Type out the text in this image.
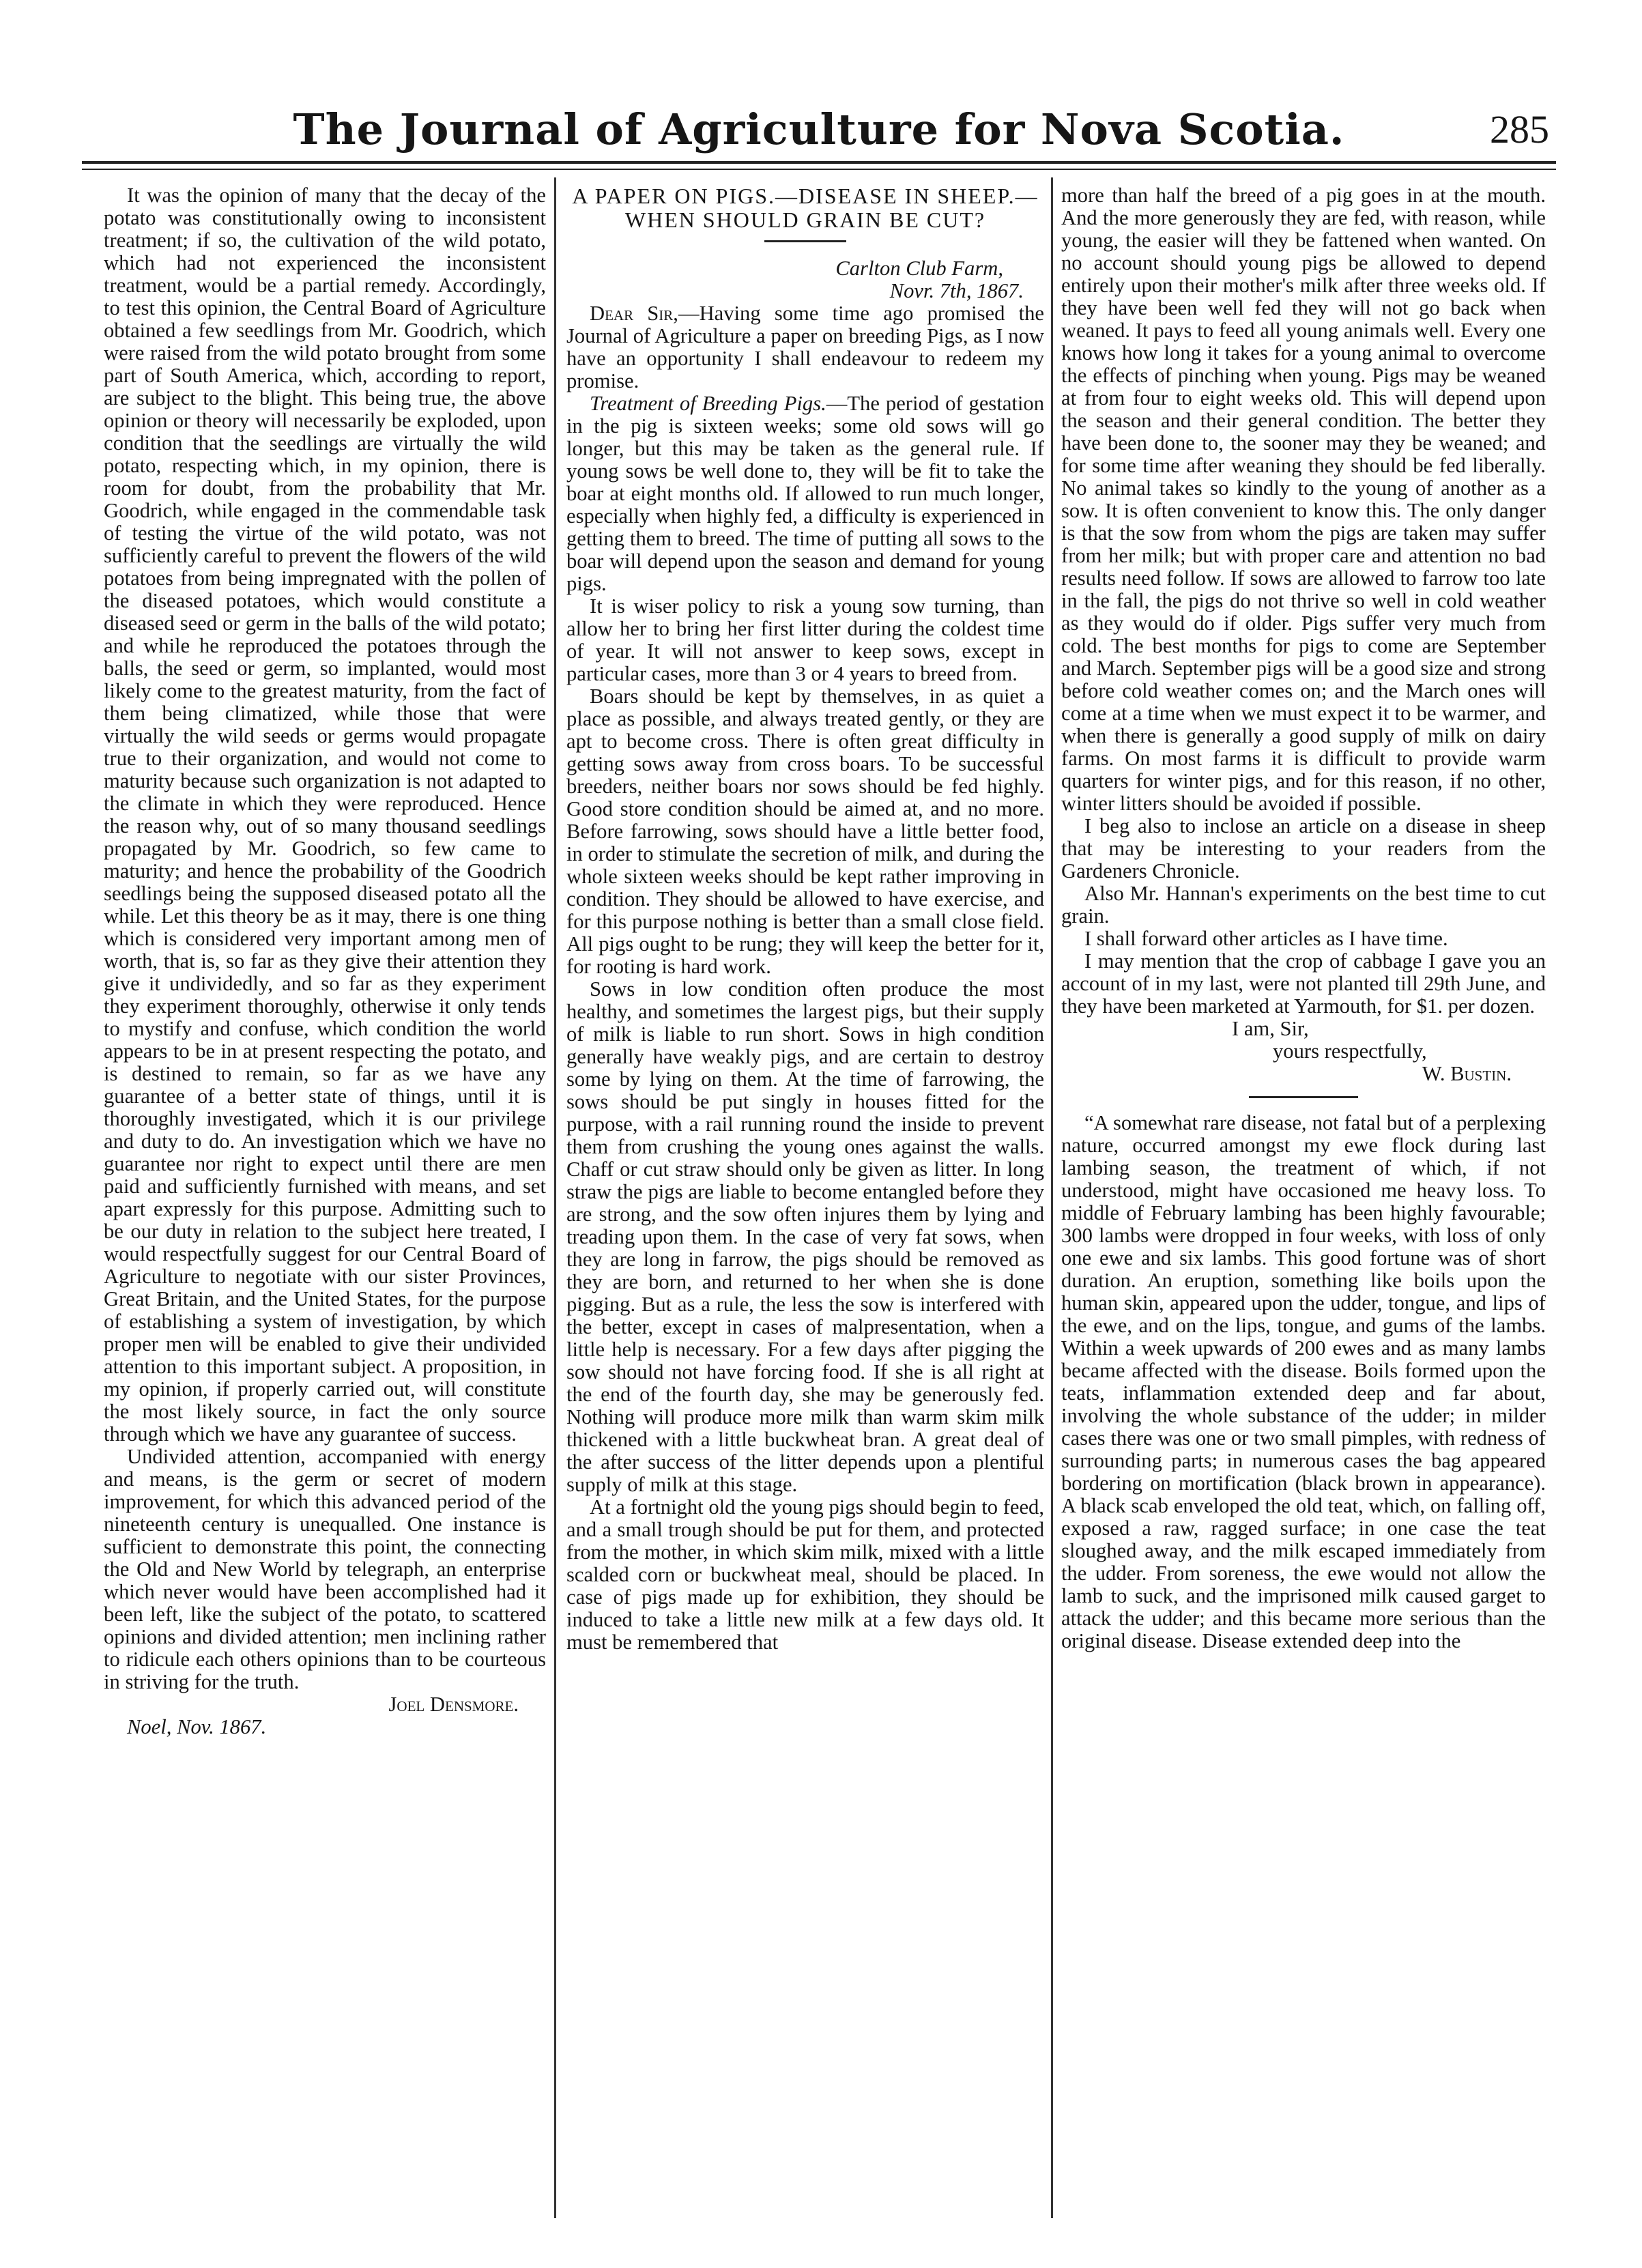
The Journal of Agriculture for Nova Scotia.	285

It was the opinion of many that the decay of the potato was constitutionally owing to inconsistent treatment; if so, the cultivation of the wild potato, which had not experienced the inconsistent treatment, would be a partial remedy. Accordingly, to test this opinion, the Central Board of Agriculture obtained a few seedlings from Mr. Goodrich, which were raised from the wild potato brought from some part of South America, which, according to report, are subject to the blight. This being true, the above opinion or theory will necessarily be exploded, upon condition that the seedlings are virtually the wild potato, respecting which, in my opinion, there is room for doubt, from the probability that Mr. Goodrich, while engaged in the commendable task of testing the virtue of the wild potato, was not sufficiently careful to prevent the flowers of the wild potatoes from being impregnated with the pollen of the diseased potatoes, which would constitute a diseased seed or germ in the balls of the wild potato; and while he reproduced the potatoes through the balls, the seed or germ, so implanted, would most likely come to the greatest maturity, from the fact of them being climatized, while those that were virtually the wild seeds or germs would propagate true to their organization, and would not come to maturity because such organization is not adapted to the climate in which they were reproduced. Hence the reason why, out of so many thousand seedlings propagated by Mr. Goodrich, so few came to maturity; and hence the probability of the Goodrich seedlings being the supposed diseased potato all the while. Let this theory be as it may, there is one thing which is considered very important among men of worth, that is, so far as they give their attention they give it undividedly, and so far as they experiment they experiment thoroughly, otherwise it only tends to mystify and confuse, which condition the world appears to be in at present respecting the potato, and is destined to remain, so far as we have any guarantee of a better state of things, until it is thoroughly investigated, which it is our privilege and duty to do. An investigation which we have no guarantee nor right to expect until there are men paid and sufficiently furnished with means, and set apart expressly for this purpose. Admitting such to be our duty in relation to the subject here treated, I would respectfully suggest for our Central Board of Agriculture to negotiate with our sister Provinces, Great Britain, and the United States, for the purpose of establishing a system of investigation, by which proper men will be enabled to give their undivided attention to this important subject. A proposition, in my opinion, if properly carried out, will constitute the most likely source, in fact the only source through which we have any guarantee of success.

Undivided attention, accompanied with energy and means, is the germ or secret of modern improvement, for which this advanced period of the nineteenth century is unequalled. One instance is sufficient to demonstrate this point, the connecting the Old and New World by telegraph, an enterprise which never would have been accomplished had it been left, like the subject of the potato, to scattered opinions and divided attention; men inclining rather to ridicule each others opinions than to be courteous in striving for the truth.

Joel Densmore.

Noel, Nov. 1867.

A PAPER ON PIGS.—DISEASE IN SHEEP.—WHEN SHOULD GRAIN BE CUT?

Carlton Club Farm,

Novr. 7th, 1867.

Dear Sir,—Having some time ago promised the Journal of Agriculture a paper on breeding Pigs, as I now have an opportunity I shall endeavour to redeem my promise.

Treatment of Breeding Pigs.—The period of gestation in the pig is sixteen weeks; some old sows will go longer, but this may be taken as the general rule. If young sows be well done to, they will be fit to take the boar at eight months old. If allowed to run much longer, especially when highly fed, a difficulty is experienced in getting them to breed. The time of putting all sows to the boar will depend upon the season and demand for young pigs.

It is wiser policy to risk a young sow turning, than allow her to bring her first litter during the coldest time of year. It will not answer to keep sows, except in particular cases, more than 3 or 4 years to breed from.

Boars should be kept by themselves, in as quiet a place as possible, and always treated gently, or they are apt to become cross. There is often great difficulty in getting sows away from cross boars. To be successful breeders, neither boars nor sows should be fed highly. Good store condition should be aimed at, and no more. Before farrowing, sows should have a little better food, in order to stimulate the secretion of milk, and during the whole sixteen weeks should be kept rather improving in condition. They should be allowed to have exercise, and for this purpose nothing is better than a small close field. All pigs ought to be rung; they will keep the better for it, for rooting is hard work.

Sows in low condition often produce the most healthy, and sometimes the largest pigs, but their supply of milk is liable to run short. Sows in high condition generally have weakly pigs, and are certain to destroy some by lying on them. At the time of farrowing, the sows should be put singly in houses fitted for the purpose, with a rail running round the inside to prevent them from crushing the young ones against the walls. Chaff or cut straw should only be given as litter. In long straw the pigs are liable to become entangled before they are strong, and the sow often injures them by lying and treading upon them. In the case of very fat sows, when they are long in farrow, the pigs should be removed as they are born, and returned to her when she is done pigging. But as a rule, the less the sow is interfered with the better, except in cases of malpresentation, when a little help is necessary. For a few days after pigging the sow should not have forcing food. If she is all right at the end of the fourth day, she may be generously fed. Nothing will produce more milk than warm skim milk thickened with a little buckwheat bran. A great deal of the after success of the litter depends upon a plentiful supply of milk at this stage.

At a fortnight old the young pigs should begin to feed, and a small trough should be put for them, and protected from the mother, in which skim milk, mixed with a little scalded corn or buckwheat meal, should be placed. In case of pigs made up for exhibition, they should be induced to take a little new milk at a few days old. It must be remembered that

more than half the breed of a pig goes in at the mouth. And the more generously they are fed, with reason, while young, the easier will they be fattened when wanted. On no account should young pigs be allowed to depend entirely upon their mother's milk after three weeks old. If they have been well fed they will not go back when weaned. It pays to feed all young animals well. Every one knows how long it takes for a young animal to overcome the effects of pinching when young. Pigs may be weaned at from four to eight weeks old. This will depend upon the season and their general condition. The better they have been done to, the sooner may they be weaned; and for some time after weaning they should be fed liberally. No animal takes so kindly to the young of another as a sow. It is often convenient to know this. The only danger is that the sow from whom the pigs are taken may suffer from her milk; but with proper care and attention no bad results need follow. If sows are allowed to farrow too late in the fall, the pigs do not thrive so well in cold weather as they would do if older. Pigs suffer very much from cold. The best months for pigs to come are September and March. September pigs will be a good size and strong before cold weather comes on; and the March ones will come at a time when we must expect it to be warmer, and when there is generally a good supply of milk on dairy farms. On most farms it is difficult to provide warm quarters for winter pigs, and for this reason, if no other, winter litters should be avoided if possible.

I beg also to inclose an article on a disease in sheep that may be interesting to your readers from the Gardeners Chronicle.

Also Mr. Hannan's experiments on the best time to cut grain.

I shall forward other articles as I have time.

I may mention that the crop of cabbage I gave you an account of in my last, were not planted till 29th June, and they have been marketed at Yarmouth, for $1. per dozen.

I am, Sir,

yours respectfully,

W. Bustin.

“A somewhat rare disease, not fatal but of a perplexing nature, occurred amongst my ewe flock during last lambing season, the treatment of which, if not understood, might have occasioned me heavy loss. To middle of February lambing has been highly favourable; 300 lambs were dropped in four weeks, with loss of only one ewe and six lambs. This good fortune was of short duration. An eruption, something like boils upon the human skin, appeared upon the udder, tongue, and lips of the ewe, and on the lips, tongue, and gums of the lambs. Within a week upwards of 200 ewes and as many lambs became affected with the disease. Boils formed upon the teats, inflammation extended deep and far about, involving the whole substance of the udder; in milder cases there was one or two small pimples, with redness of surrounding parts; in numerous cases the bag appeared bordering on mortification (black brown in appearance). A black scab enveloped the old teat, which, on falling off, exposed a raw, ragged surface; in one case the teat sloughed away, and the milk escaped immediately from the udder. From soreness, the ewe would not allow the lamb to suck, and the imprisoned milk caused garget to attack the udder; and this became more serious than the original disease. Disease extended deep into the
